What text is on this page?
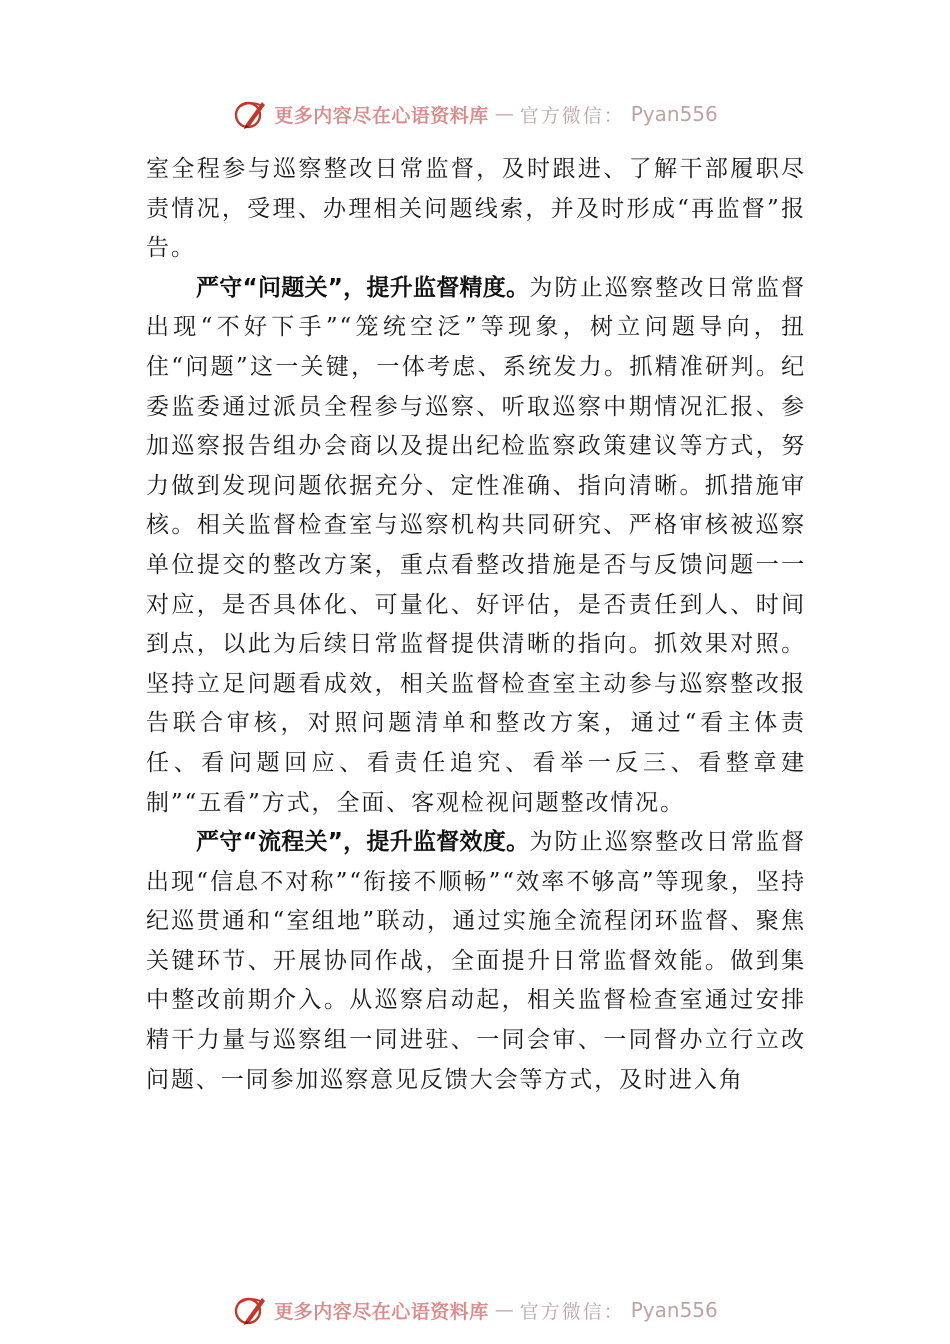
更多内容尽在心语资料库 — 官方微信： Pyan556

室全程参与巡察整改日常监督，及时跟进、了解干部履职尽责情况，受理、办理相关问题线索，并及时形成“再监督”报告。

严守“问题关”，提升监督精度。为防止巡察整改日常监督出现“不好下手”“笼统空泛”等现象，树立问题导向，扭住“问题”这一关键，一体考虑、系统发力。抓精准研判。纪委监委通过派员全程参与巡察、听取巡察中期情况汇报、参加巡察报告组办会商以及提出纪检监察政策建议等方式，努力做到发现问题依据充分、定性准确、指向清晰。抓措施审核。相关监督检查室与巡察机构共同研究、严格审核被巡察单位提交的整改方案，重点看整改措施是否与反馈问题一一对应，是否具体化、可量化、好评估，是否责任到人、时间到点，以此为后续日常监督提供清晰的指向。抓效果对照。坚持立足问题看成效，相关监督检查室主动参与巡察整改报告联合审核，对照问题清单和整改方案，通过“看主体责任、看问题回应、看责任追究、看举一反三、看整章建制”“五看”方式，全面、客观检视问题整改情况。

严守“流程关”，提升监督效度。为防止巡察整改日常监督出现“信息不对称”“衔接不顺畅”“效率不够高”等现象，坚持纪巡贯通和“室组地”联动，通过实施全流程闭环监督、聚焦关键环节、开展协同作战，全面提升日常监督效能。做到集中整改前期介入。从巡察启动起，相关监督检查室通过安排精干力量与巡察组一同进驻、一同会审、一同督办立行立改问题、一同参加巡察意见反馈大会等方式，及时进入角

更多内容尽在心语资料库 — 官方微信： Pyan556
